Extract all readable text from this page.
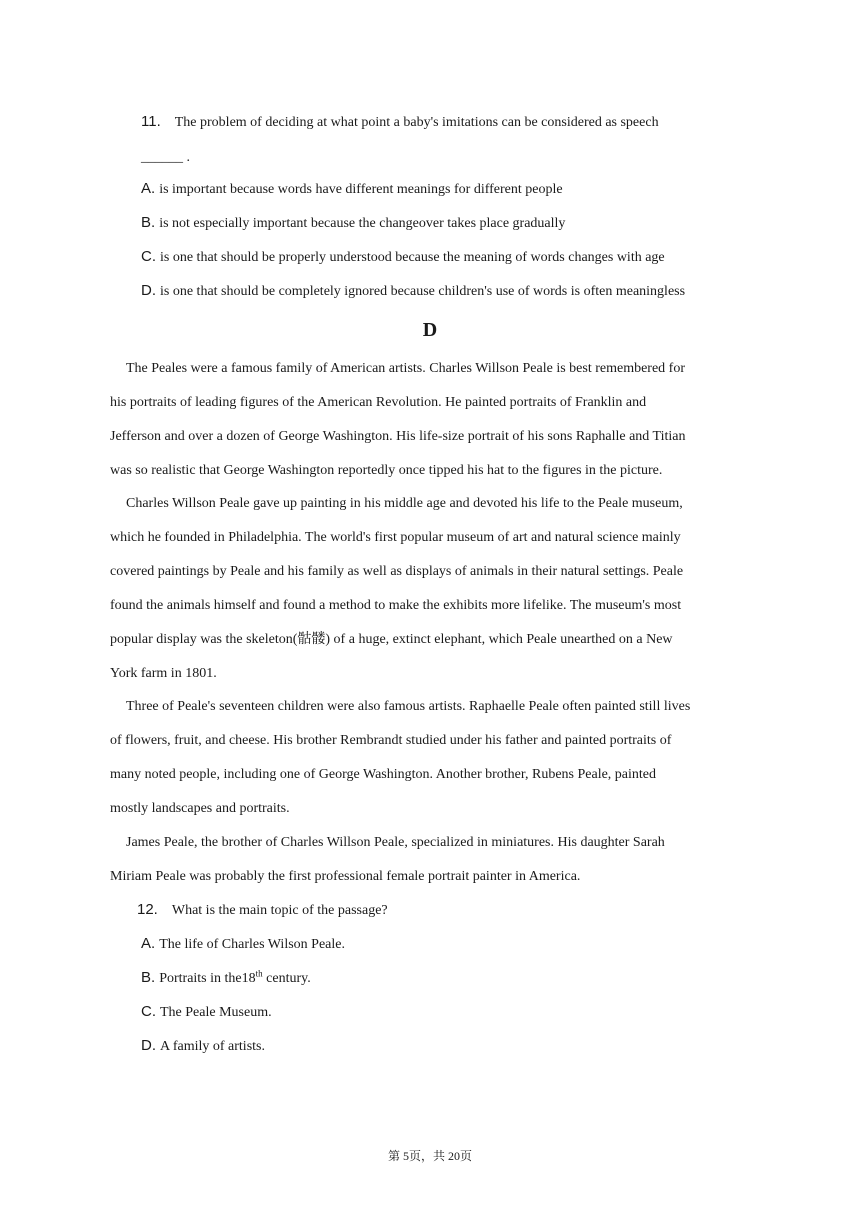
11. The problem of deciding at what point a baby's imitations can be considered as speech
______ .
A. is important because words have different meanings for different people
B. is not especially important because the changeover takes place gradually
C. is one that should be properly understood because the meaning of words changes with age
D. is one that should be completely ignored because children's use of words is often meaningless
D
The Peales were a famous family of American artists. Charles Willson Peale is best remembered for
his portraits of leading figures of the American Revolution. He painted portraits of Franklin and
Jefferson and over a dozen of George Washington. His life-size portrait of his sons Raphalle and Titian
was so realistic that George Washington reportedly once tipped his hat to the figures in the picture.
Charles Willson Peale gave up painting in his middle age and devoted his life to the Peale museum,
which he founded in Philadelphia. The world's first popular museum of art and natural science mainly
covered paintings by Peale and his family as well as displays of animals in their natural settings. Peale
found the animals himself and found a method to make the exhibits more lifelike. The museum's most
popular display was the skeleton(骷髅) of a huge, extinct elephant, which Peale unearthed on a New
York farm in 1801.
Three of Peale's seventeen children were also famous artists. Raphaelle Peale often painted still lives
of flowers, fruit, and cheese. His brother Rembrandt studied under his father and painted portraits of
many noted people, including one of George Washington. Another brother, Rubens Peale, painted
mostly landscapes and portraits.
James Peale, the brother of Charles Willson Peale, specialized in miniatures. His daughter Sarah
Miriam Peale was probably the first professional female portrait painter in America.
12. What is the main topic of the passage?
A. The life of Charles Wilson Peale.
B. Portraits in the18th century.
C. The Peale Museum.
D. A family of artists.
第 5页，共 20页
